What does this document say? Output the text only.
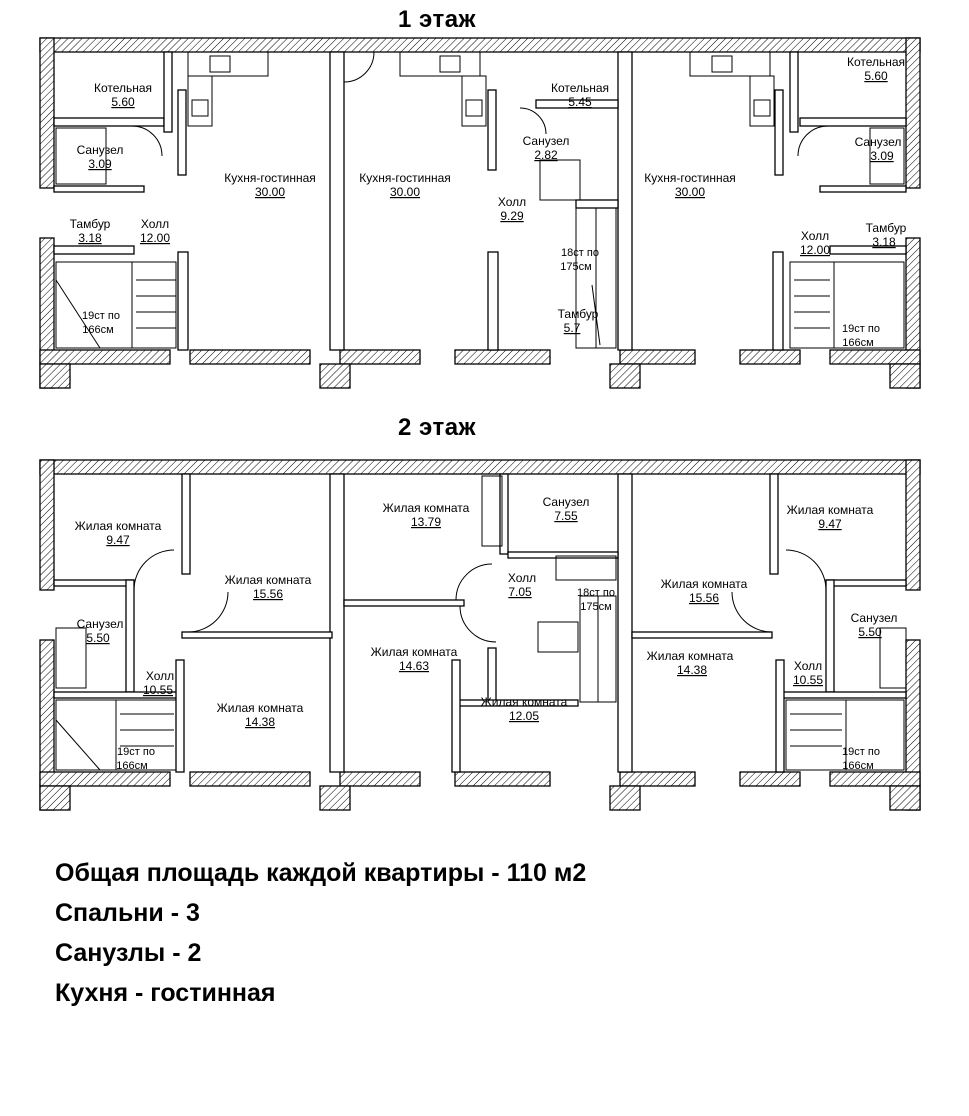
1 этаж
2 этаж
Котельная
5.60
Санузел
3.09
Кухня-гостинная
30.00
Тамбур
3.18
Холл
12.00
Кухня-гостинная
30.00
Котельная
5.45
Санузел
2.82
Холл
9.29
Тамбур
5.7
Кухня-гостинная
30.00
Котельная
5.60
Санузел
3.09
Холл
12.00
Тамбур
3.18
19ст по
166см
18ст по
175см
19ст по
166см
Жилая комната
9.47
Жилая комната
15.56
Санузел
5.50
Холл
10.55
Жилая комната
14.38
Жилая комната
13.79
Санузел
7.55
Холл
7.05
Жилая комната
14.63
Жилая комната
12.05
Жилая комната
15.56
Жилая комната
14.38
Жилая комната
9.47
Санузел
5.50
Холл
10.55
19ст по
166см
18ст по
175см
19ст по
166см
Общая площадь каждой квартиры - 110 м2
Спальни - 3
Санузлы - 2
Кухня - гостинная
